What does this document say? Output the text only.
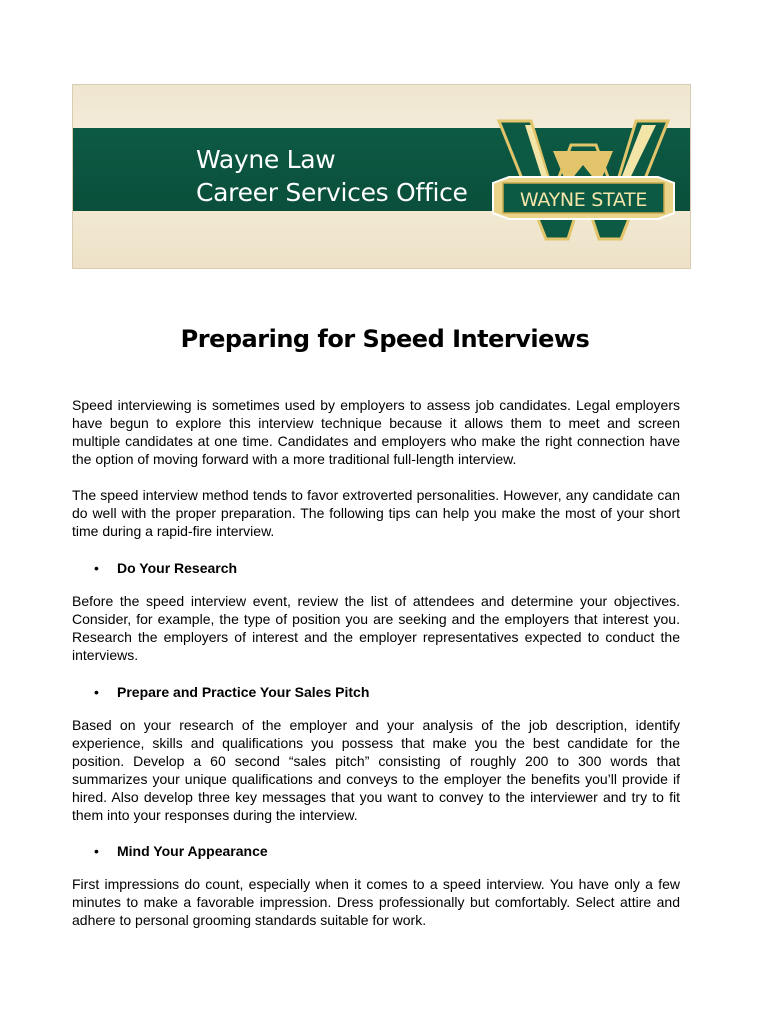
Wayne Law
Career Services Office	WAYNE STATE
Preparing for Speed Interviews
Speed interviewing is sometimes used by employers to assess job candidates. Legal employers have begun to explore this interview technique because it allows them to meet and screen multiple candidates at one time. Candidates and employers who make the right connection have the option of moving forward with a more traditional full-length interview.
The speed interview method tends to favor extroverted personalities. However, any candidate can do well with the proper preparation. The following tips can help you make the most of your short time during a rapid-fire interview.
• Do Your Research
Before the speed interview event, review the list of attendees and determine your objectives. Consider, for example, the type of position you are seeking and the employers that interest you. Research the employers of interest and the employer representatives expected to conduct the interviews.
• Prepare and Practice Your Sales Pitch
Based on your research of the employer and your analysis of the job description, identify experience, skills and qualifications you possess that make you the best candidate for the position. Develop a 60 second “sales pitch” consisting of roughly 200 to 300 words that summarizes your unique qualifications and conveys to the employer the benefits you’ll provide if hired. Also develop three key messages that you want to convey to the interviewer and try to fit them into your responses during the interview.
• Mind Your Appearance
First impressions do count, especially when it comes to a speed interview. You have only a few minutes to make a favorable impression. Dress professionally but comfortably. Select attire and adhere to personal grooming standards suitable for work.
